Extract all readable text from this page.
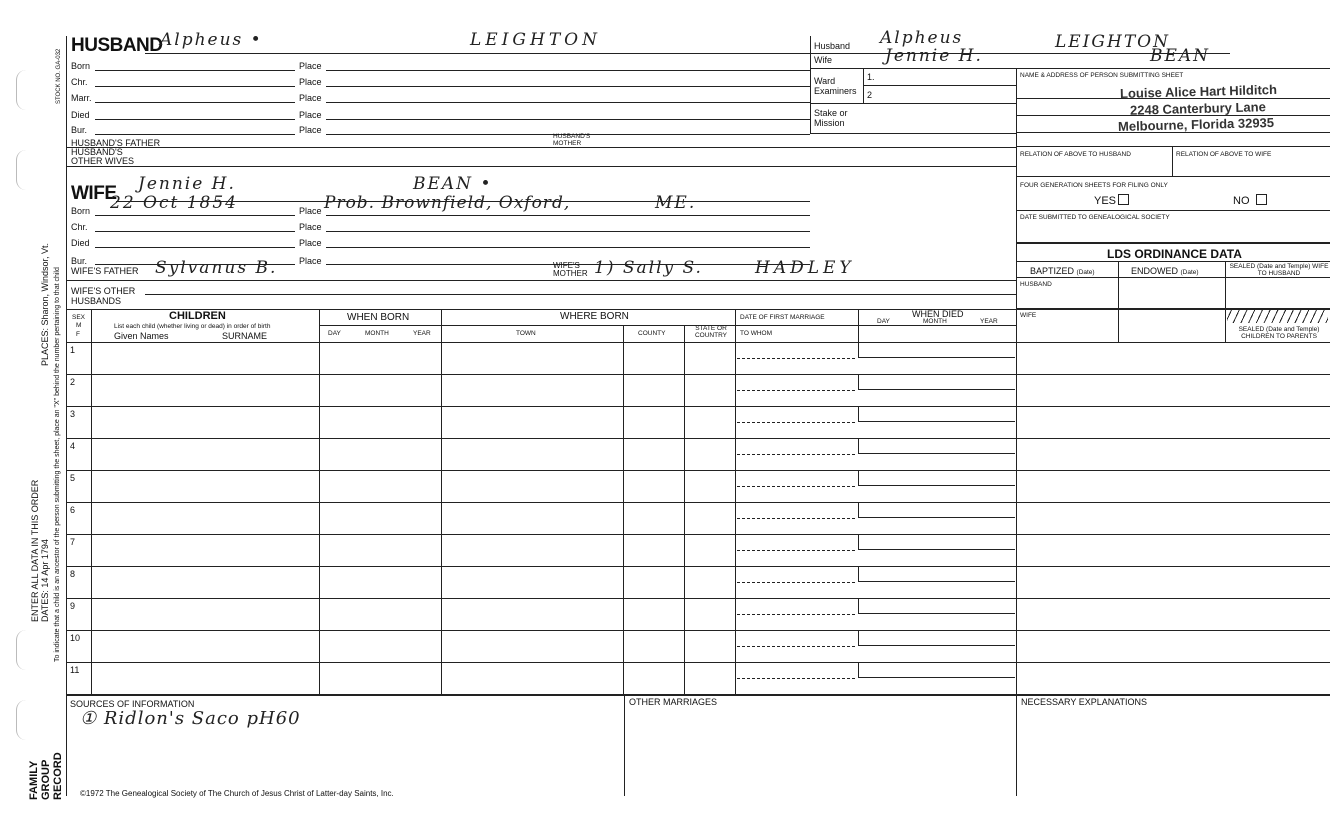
STOCK NO. GA-032
FAMILY GROUP RECORD
ENTER ALL DATA IN THIS ORDER DATES: 14 Apr 1794
PLACES: Sharon, Windsor, Vt. To indicate that a child is an ancestor of the person submitting the sheet, place an "X" behind the number pertaining to that child
HUSBAND
Alpheus •	LEIGHTON
Born	Place
Chr.	Place
Marr.	Place
Died	Place
Bur.	Place
HUSBAND'S FATHER
HUSBAND'S MOTHER
HUSBAND'S OTHER WIVES
Husband Alpheus	LEIGHTON
Wife	Jennie H.	BEAN
Ward
Examiners
1.
2
Stake or Mission
NAME & ADDRESS OF PERSON SUBMITTING SHEET
Louise Alice Hart Hilditch
2248 Canterbury Lane
Melbourne, Florida 32935
RELATION OF ABOVE TO HUSBAND	RELATION OF ABOVE TO WIFE
FOUR GENERATION SHEETS FOR FILING ONLY
YES	NO
DATE SUBMITTED TO GENEALOGICAL SOCIETY
LDS ORDINANCE DATA
BAPTIZED (Date)	ENDOWED (Date)
SEALED (Date and Temple) WIFE TO HUSBAND
HUSBAND
WIFE
SEALED (Date and Temple) CHILDREN TO PARENTS
WIFE Jennie H.	BEAN •
Born 22 Oct 1854	Place Prob. Brownfield, Oxford,	ME.
Chr.	Place
Died	Place
Bur.	Place
WIFE'S FATHER Sylvanus B.	WIFE'S MOTHER 1) Sally S.	HADLEY
WIFE'S OTHER HUSBANDS
SEX
M
F
CHILDREN
List each child (whether living or dead) in order of birth
Given Names	SURNAME
WHEN BORN
DAY	MONTH	YEAR
WHERE BORN
TOWN	COUNTY
STATE OR COUNTRY
DATE OF FIRST MARRIAGE
TO WHOM
WHEN DIED
DAY	MONTH	YEAR
1
2
3
4
5
6
7
8
9
10
11
SOURCES OF INFORMATION
① Ridlon's Saco pH60
OTHER MARRIAGES	NECESSARY EXPLANATIONS
©1972 The Genealogical Society of The Church of Jesus Christ of Latter-day Saints, Inc.
